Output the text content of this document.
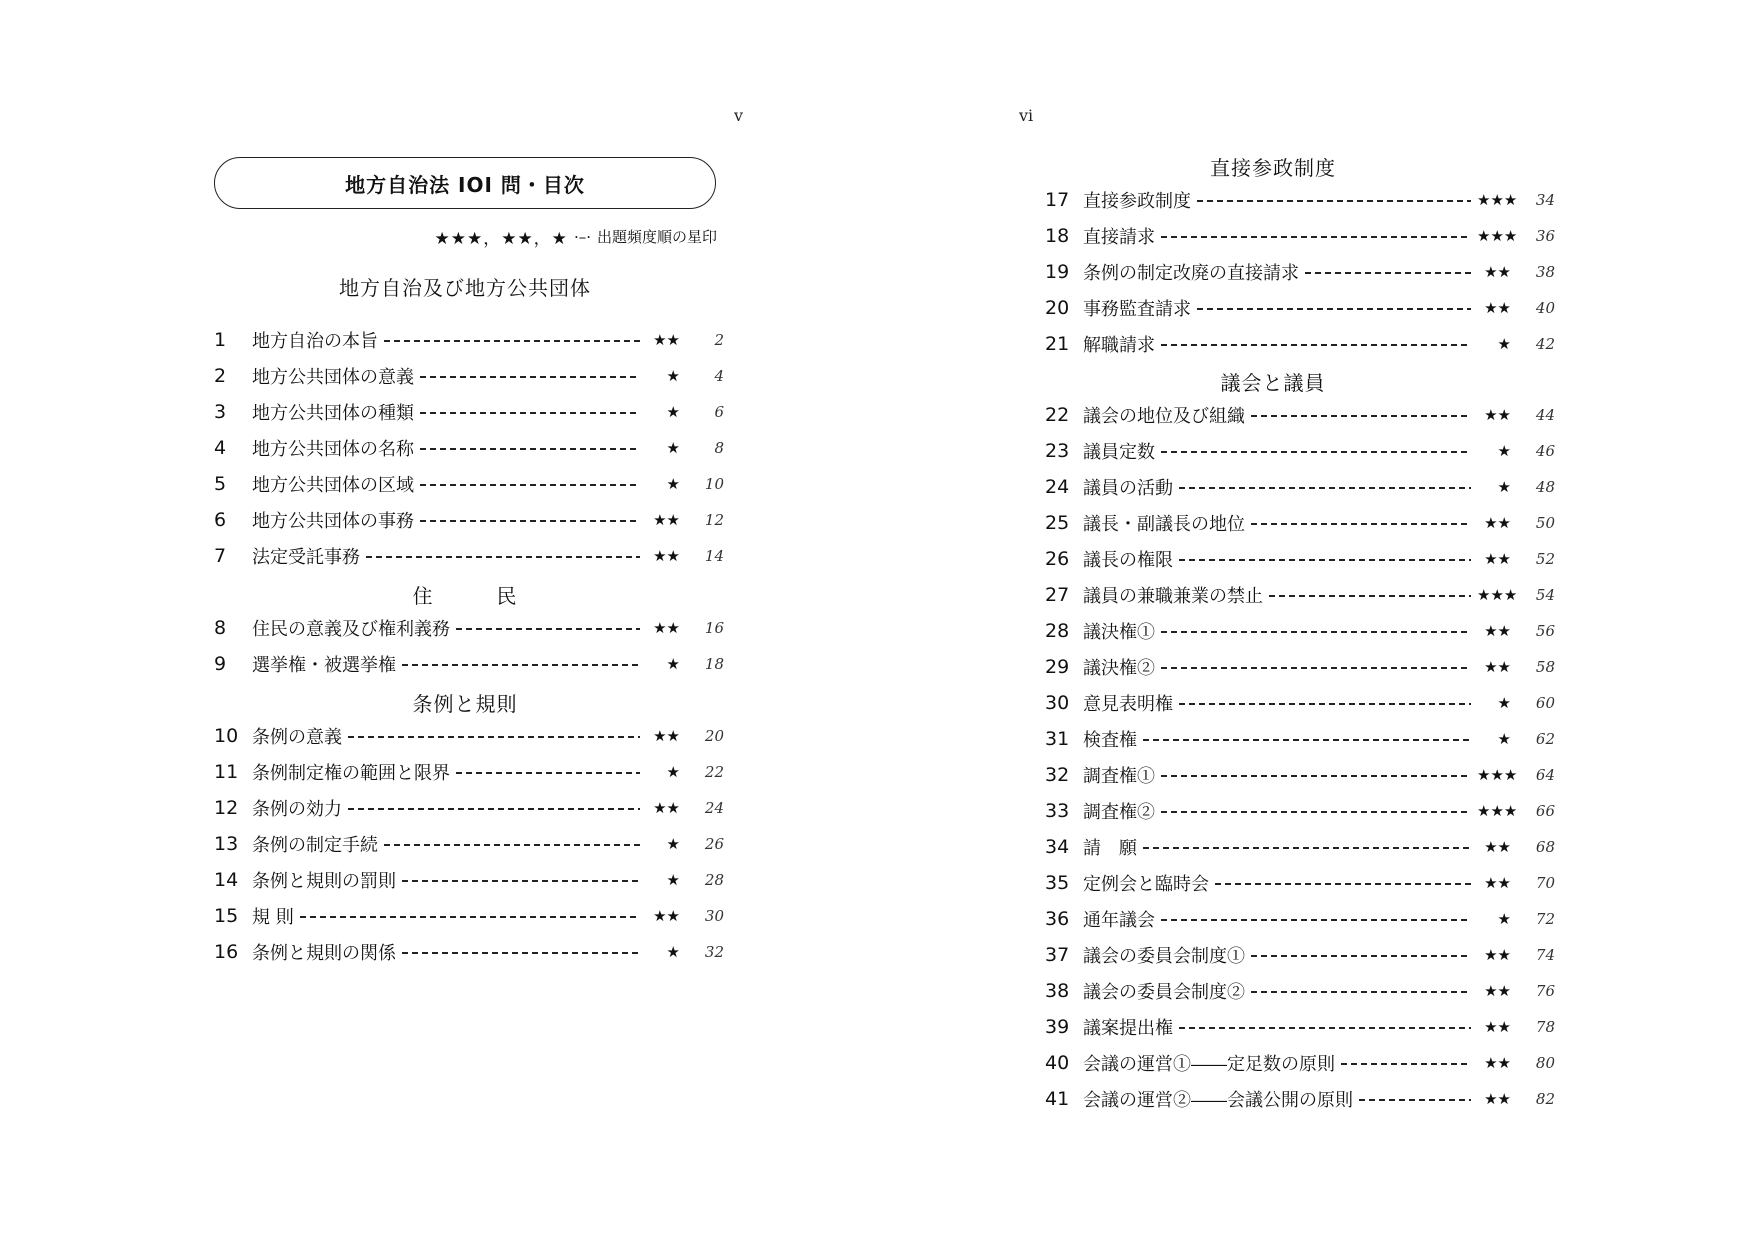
v
地方自治法 IOI 問・目次
★★★，★★，★ ·–· 出題頻度順の星印
地方自治及び地方公共団体
1	地方自治の本旨	★★	2
2	地方公共団体の意義	★	4
3	地方公共団体の種類	★	6
4	地方公共団体の名称	★	8
5	地方公共団体の区域	★	10
6	地方公共団体の事務	★★	12
7	法定受託事務	★★	14
住　　　民
8	住民の意義及び権利義務	★★	16
9	選挙権・被選挙権	★	18
条例と規則
10 条例の意義	★★	20
11 条例制定権の範囲と限界	★	22
12 条例の効力	★★	24
13 条例の制定手続	★	26
14 条例と規則の罰則	★	28
15 規 則	★★	30
16 条例と規則の関係	★	32
vi
直接参政制度
17 直接参政制度	★★★	34
18 直接請求	★★★	36
19 条例の制定改廃の直接請求	★★	38
20 事務監査請求	★★	40
21 解職請求	★	42
議会と議員
22 議会の地位及び組織	★★	44
23 議員定数	★	46
24 議員の活動	★	48
25 議長・副議長の地位	★★	50
26 議長の権限	★★	52
27 議員の兼職兼業の禁止	★★★	54
28 議決権①	★★	56
29 議決権②	★★	58
30 意見表明権	★	60
31 検査権	★	62
32 調査権①	★★★	64
33 調査権②	★★★	66
34 請　願	★★	68
35 定例会と臨時会	★★	70
36 通年議会	★	72
37 議会の委員会制度①	★★	74
38 議会の委員会制度②	★★	76
39 議案提出権	★★	78
40 会議の運営①――定足数の原則	★★	80
41 会議の運営②――会議公開の原則	★★	82
